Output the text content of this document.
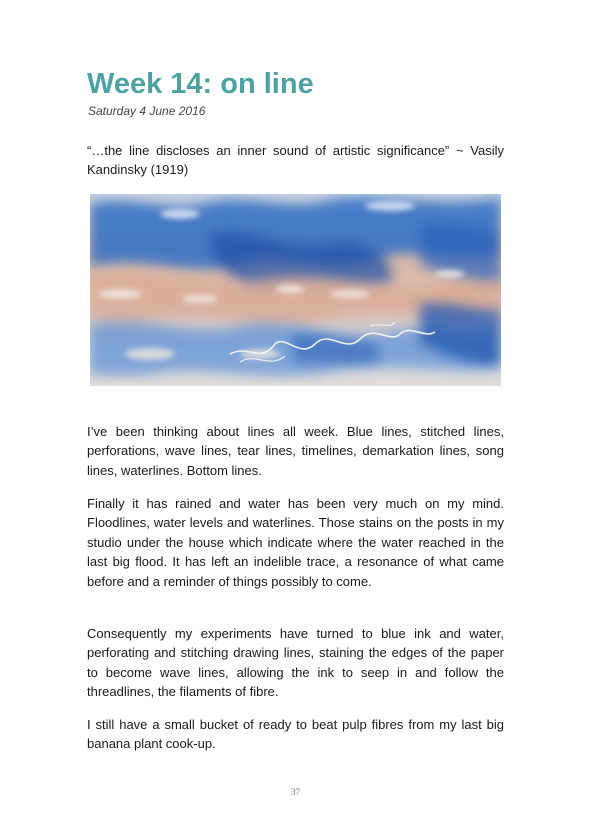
Week 14: on line
Saturday 4 June 2016

“…the line discloses an inner sound of artistic significance” ~ Vasily Kandinsky (1919)

I’ve been thinking about lines all week. Blue lines, stitched lines, perforations, wave lines, tear lines, timelines, demarkation lines, song lines, waterlines. Bottom lines.

Finally it has rained and water has been very much on my mind. Floodlines, water levels and waterlines. Those stains on the posts in my studio under the house which indicate where the water reached in the last big flood. It has left an indelible trace, a resonance of what came before and a reminder of things possibly to come.

Consequently my experiments have turned to blue ink and water, perforating and stitching drawing lines, staining the edges of the paper to become wave lines, allowing the ink to seep in and follow the threadlines, the filaments of fibre.

I still have a small bucket of ready to beat pulp fibres from my last big banana plant cook-up.

37
